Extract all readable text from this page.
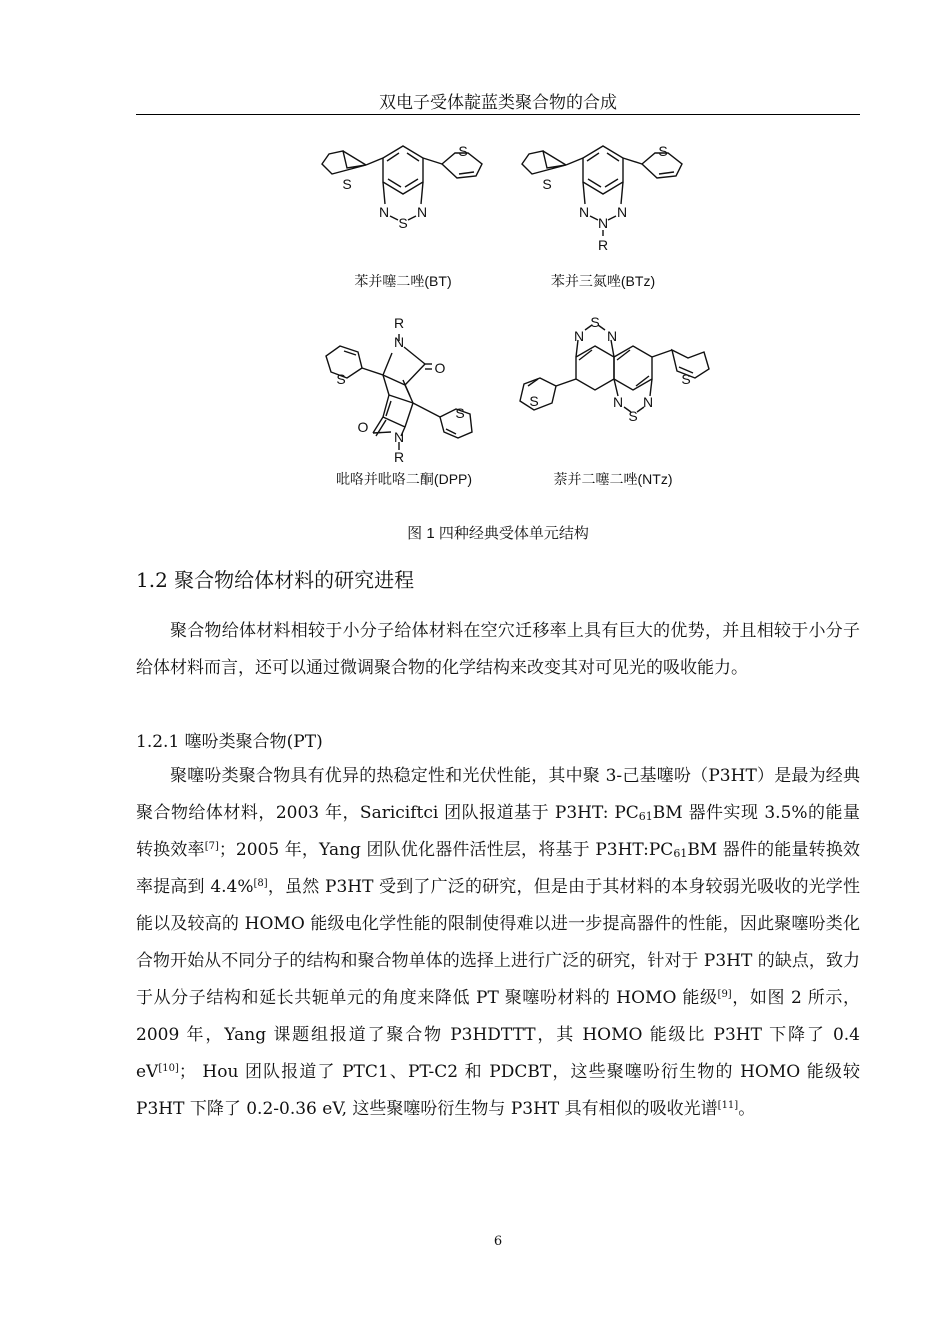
双电子受体靛蓝类聚合物的合成
S
S
N N
S
苯并噻二唑(BT)
S
S
N N
N
R
苯并三氮唑(BTz)
N
R
O
S
O
N
R
S
吡咯并吡咯二酮(DPP)
N
S
N
S
S
N N
S
萘并二噻二唑(NTz)
图 1 四种经典受体单元结构
1.2 聚合物给体材料的研究进程

聚合物给体材料相较于小分子给体材料在空穴迁移率上具有巨大的优势，并且相较于小分子给体材料而言，还可以通过微调聚合物的化学结构来改变其对可见光的吸收能力。

1.2.1 噻吩类聚合物(PT)

聚噻吩类聚合物具有优异的热稳定性和光伏性能，其中聚 3-己基噻吩（P3HT）是最为经典聚合物给体材料，2003 年，Sariciftci 团队报道基于 P3HT: PC61BM 器件实现 3.5%的能量转换效率[7]；2005 年，Yang 团队优化器件活性层，将基于 P3HT:PC61BM 器件的能量转换效率提高到 4.4%[8]，虽然 P3HT 受到了广泛的研究，但是由于其材料的本身较弱光吸收的光学性能以及较高的 HOMO 能级电化学性能的限制使得难以进一步提高器件的性能，因此聚噻吩类化合物开始从不同分子的结构和聚合物单体的选择上进行广泛的研究，针对于 P3HT 的缺点，致力于从分子结构和延长共轭单元的角度来降低 PT 聚噻吩材料的 HOMO 能级[9]，如图 2 所示，2009 年，Yang 课题组报道了聚合物 P3HDTTT，其 HOMO 能级比 P3HT 下降了 0.4 eV[10]； Hou 团队报道了 PTC1、PT-C2 和 PDCBT，这些聚噻吩衍生物的 HOMO 能级较 P3HT 下降了 0.2-0.36 eV, 这些聚噻吩衍生物与 P3HT 具有相似的吸收光谱[11]。

6
